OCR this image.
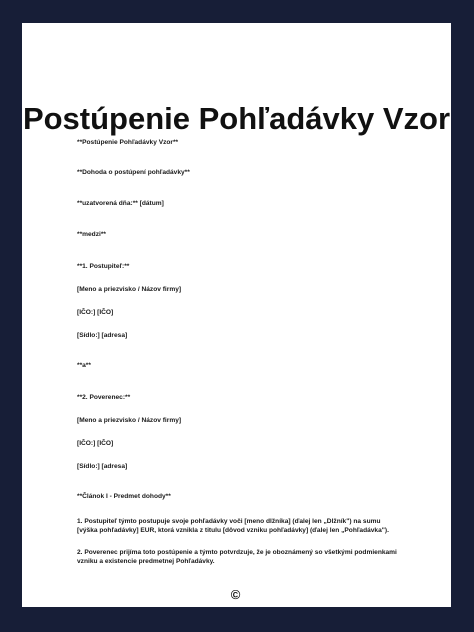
Postúpenie Pohľadávky Vzor
**Postúpenie Pohľadávky Vzor**
**Dohoda o postúpení pohľadávky**
**uzatvorená dňa:** [dátum]
**medzi**
**1. Postupiteľ:**
[Meno a priezvisko / Názov firmy]
[IČO:] [IČO]
[Sídlo:] [adresa]
**a**
**2. Poverenec:**
[Meno a priezvisko / Názov firmy]
[IČO:] [IČO]
[Sídlo:] [adresa]
**Článok I - Predmet dohody**
1. Postupiteľ týmto postupuje svoje pohľadávky voči [meno dlžníka] (ďalej len „Dlžník") na sumu [výška pohľadávky] EUR, ktorá vznikla z titulu [dôvod vzniku pohľadávky] (ďalej len „Pohľadávka").
2. Poverenec prijíma toto postúpenie a týmto potvrdzuje, že je oboznámený so všetkými podmienkami vzniku a existencie predmetnej Pohľadávky.
©
